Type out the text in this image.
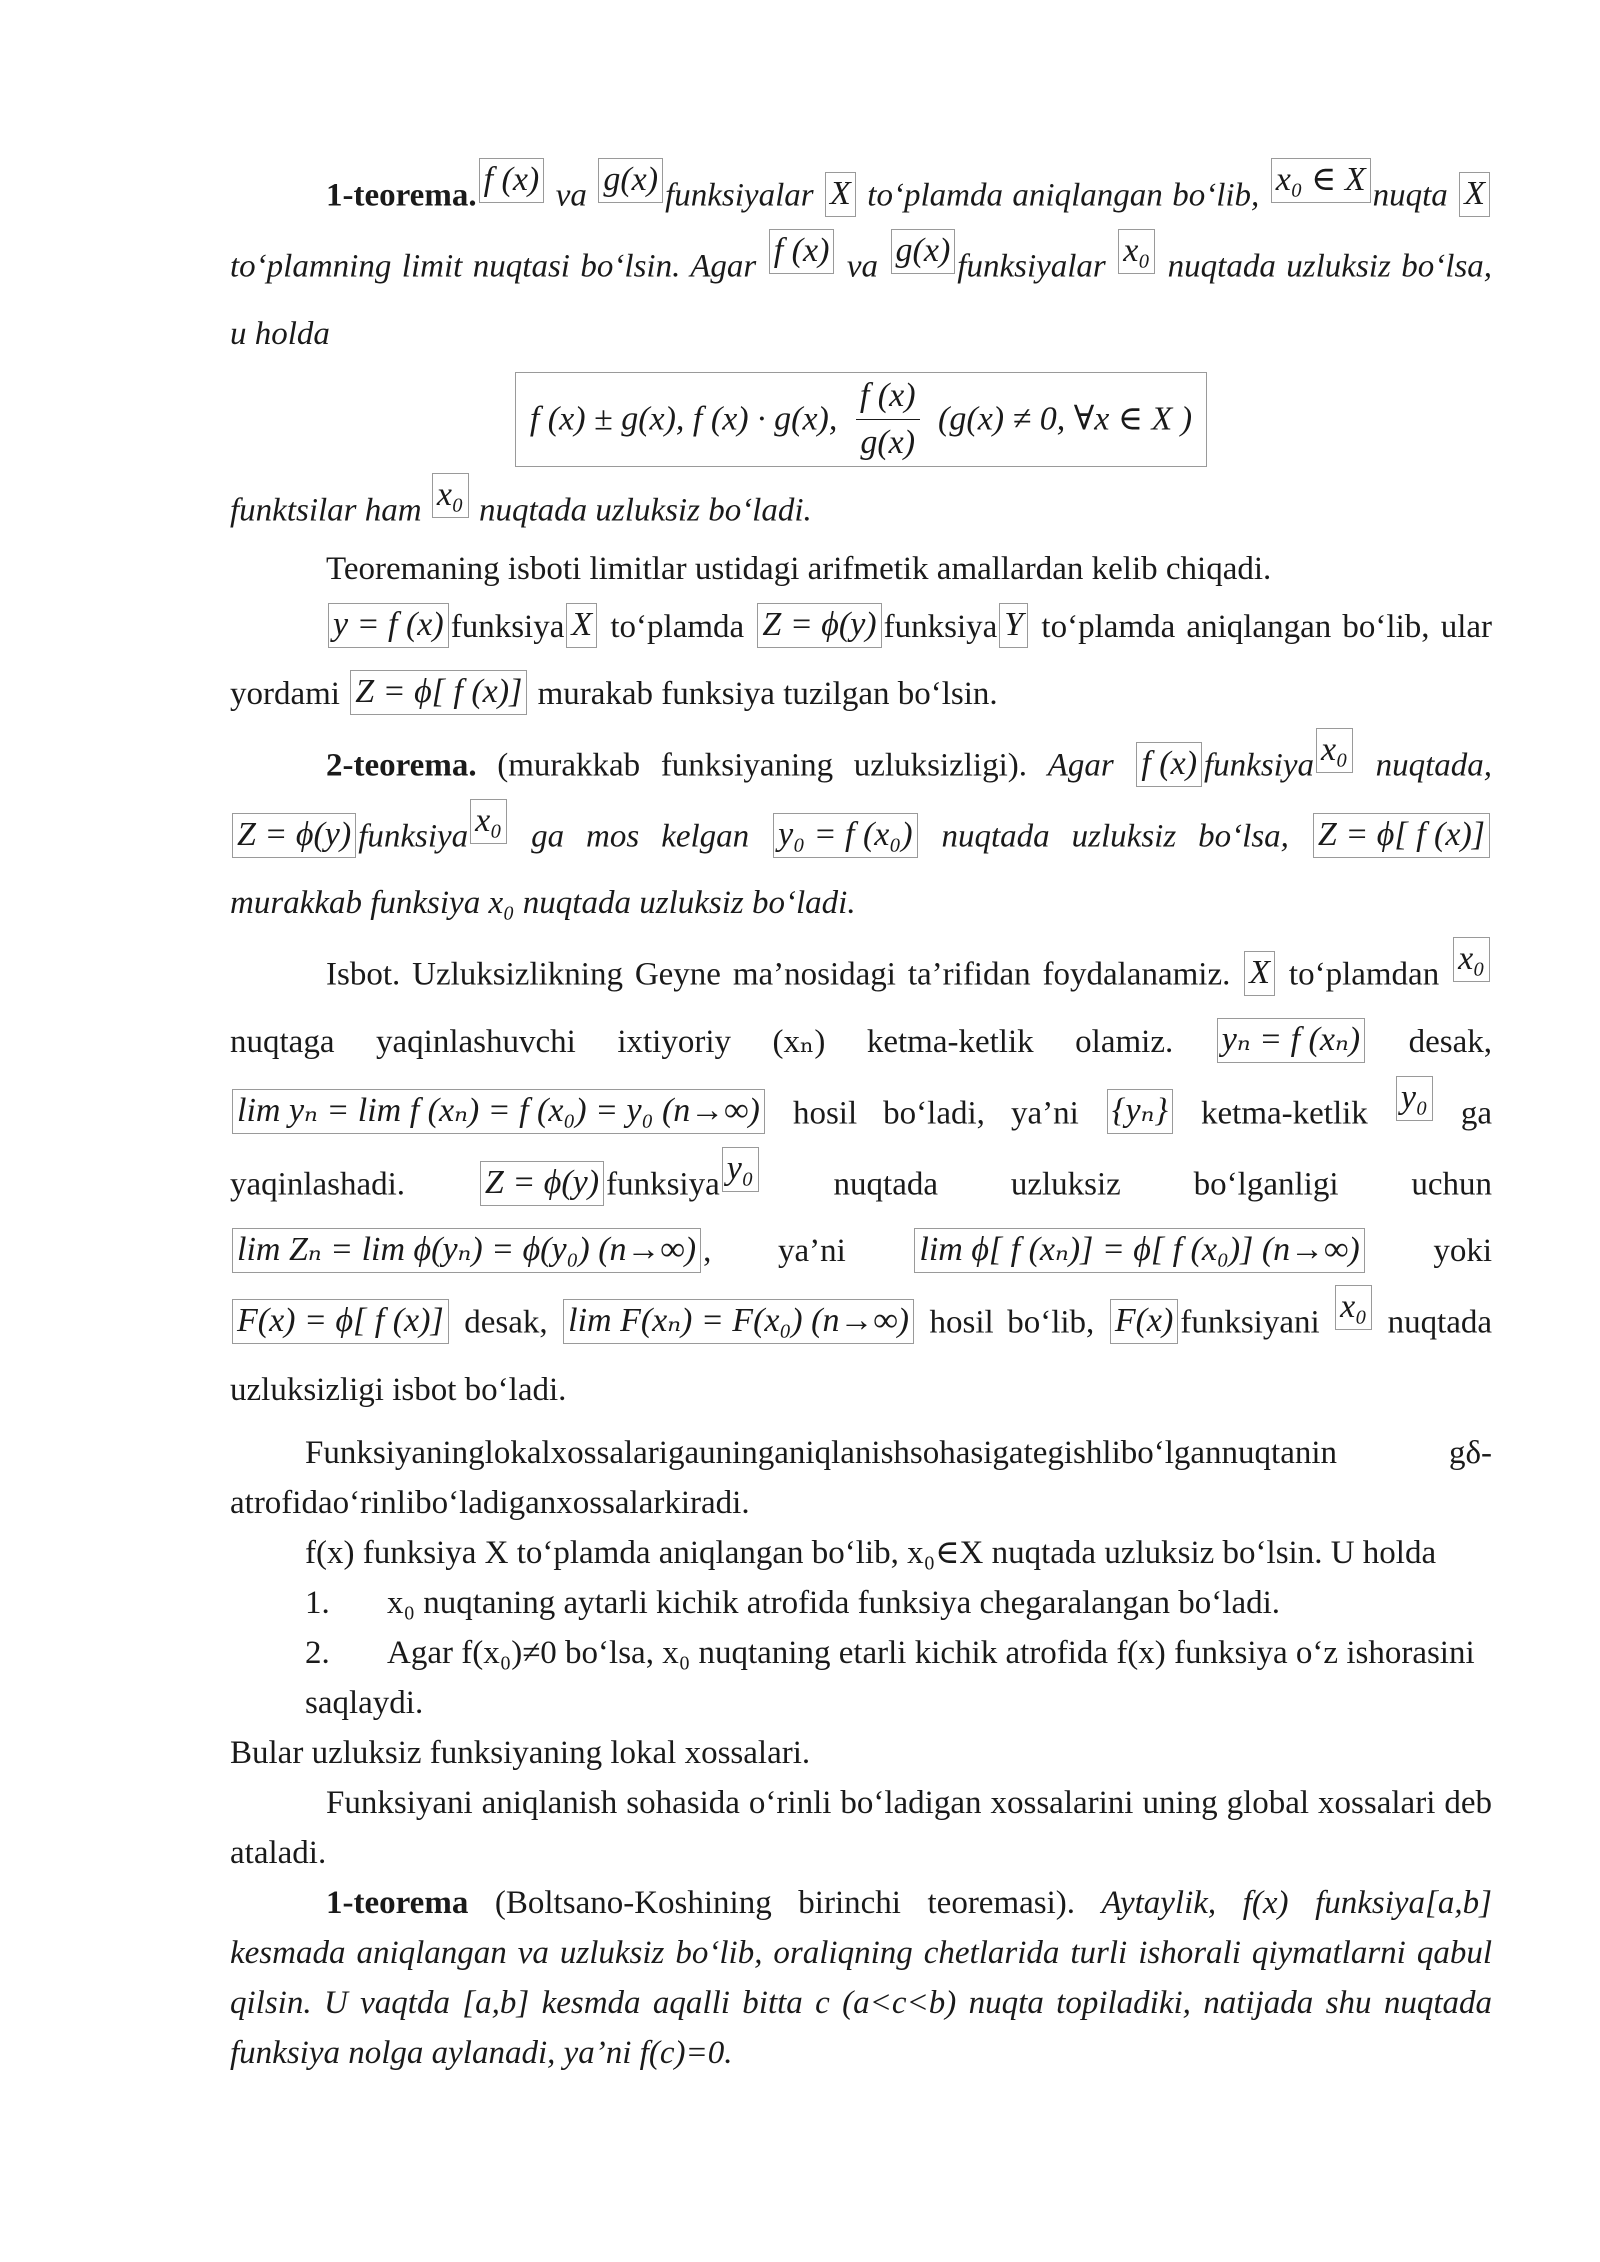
1-teorema. f (x) va g(x) funksiyalar X to‘plamda aniqlangan bo‘lib, x₀ ∈ X nuqta X to‘plamning limit nuqtasi bo‘lsin. Agar f (x) va g(x) funksiyalar x₀ nuqtada uzluksiz bo‘lsa, u holda

f (x) ± g(x), f (x) · g(x), $\frac{f (x)}{g(x)} (g(x) \ne 0$, ∀x ∈ X )

funktsilar ham x₀ nuqtada uzluksiz bo‘ladi.

Teoremaning isboti limitlar ustidagi arifmetik amallardan kelib chiqadi.

y = f (x) funksiya X to‘plamda Z = ϕ(y) funksiya Y to‘plamda aniqlangan bo‘lib, ular yordami Z = ϕ[ f (x)] murakab funksiya tuzilgan bo‘lsin.

2-teorema. (murakkab funksiyaning uzluksizligi). Agar f (x) funksiya x₀ nuqtada, Z = ϕ(y) funksiya x₀ ga mos kelgan y₀ = f (x₀) nuqtada uzluksiz bo‘lsa, Z = ϕ[ f (x)] murakkab funksiya x₀ nuqtada uzluksiz bo‘ladi.

Isbot. Uzluksizlikning Geyne ma’nosidagi ta’rifidan foydalanamiz. X to‘plamdan x₀ nuqtaga yaqinlashuvchi ixtiyoriy (xₙ) ketma-ketlik olamiz. yₙ = f (xₙ) desak, lim yₙ = lim f (xₙ) = f (x₀) = y₀ (n→∞) hosil bo‘ladi, ya’ni {yₙ} ketma-ketlik y₀ ga yaqinlashadi. Z = ϕ(y) funksiya y₀ nuqtada uzluksiz bo‘lganligi uchun lim Zₙ = lim ϕ(yₙ) = ϕ(y₀) (n→∞) , ya’ni lim ϕ[ f (xₙ)] = ϕ[ f (x₀)] (n→∞) yoki F(x) = ϕ[ f (x)] desak, lim F(xₙ) = F(x₀) (n→∞) hosil bo‘lib, F(x) funksiyani x₀ nuqtada uzluksizligi isbot bo‘ladi.

Funksiyaninglokalxossalarigauninganiqlanishsohasigategishlibo‘lgannuqtanin gδ-atrofidao‘rinlibo‘ladiganxossalarkiradi.

f(x) funksiya X to‘plamda aniqlangan bo‘lib, x₀∈X nuqtada uzluksiz bo‘lsin. U holda

1. x₀ nuqtaning aytarli kichik atrofida funksiya chegaralangan bo‘ladi.
2. Agar f(x₀)≠0 bo‘lsa, x₀ nuqtaning etarli kichik atrofida f(x) funksiya o‘z ishorasini saqlaydi.

Bular uzluksiz funksiyaning lokal xossalari.

Funksiyani aniqlanish sohasida o‘rinli bo‘ladigan xossalarini uning global xossalari deb ataladi.

1-teorema (Boltsano-Koshining birinchi teoremasi). Aytaylik, f(x) funksiya[a,b] kesmada aniqlangan va uzluksiz bo‘lib, oraliqning chetlarida turli ishorali qiymatlarni qabul qilsin. U vaqtda [a,b] kesmda aqalli bitta c (a<c<b) nuqta topiladiki, natijada shu nuqtada funksiya nolga aylanadi, ya’ni f(c)=0.
